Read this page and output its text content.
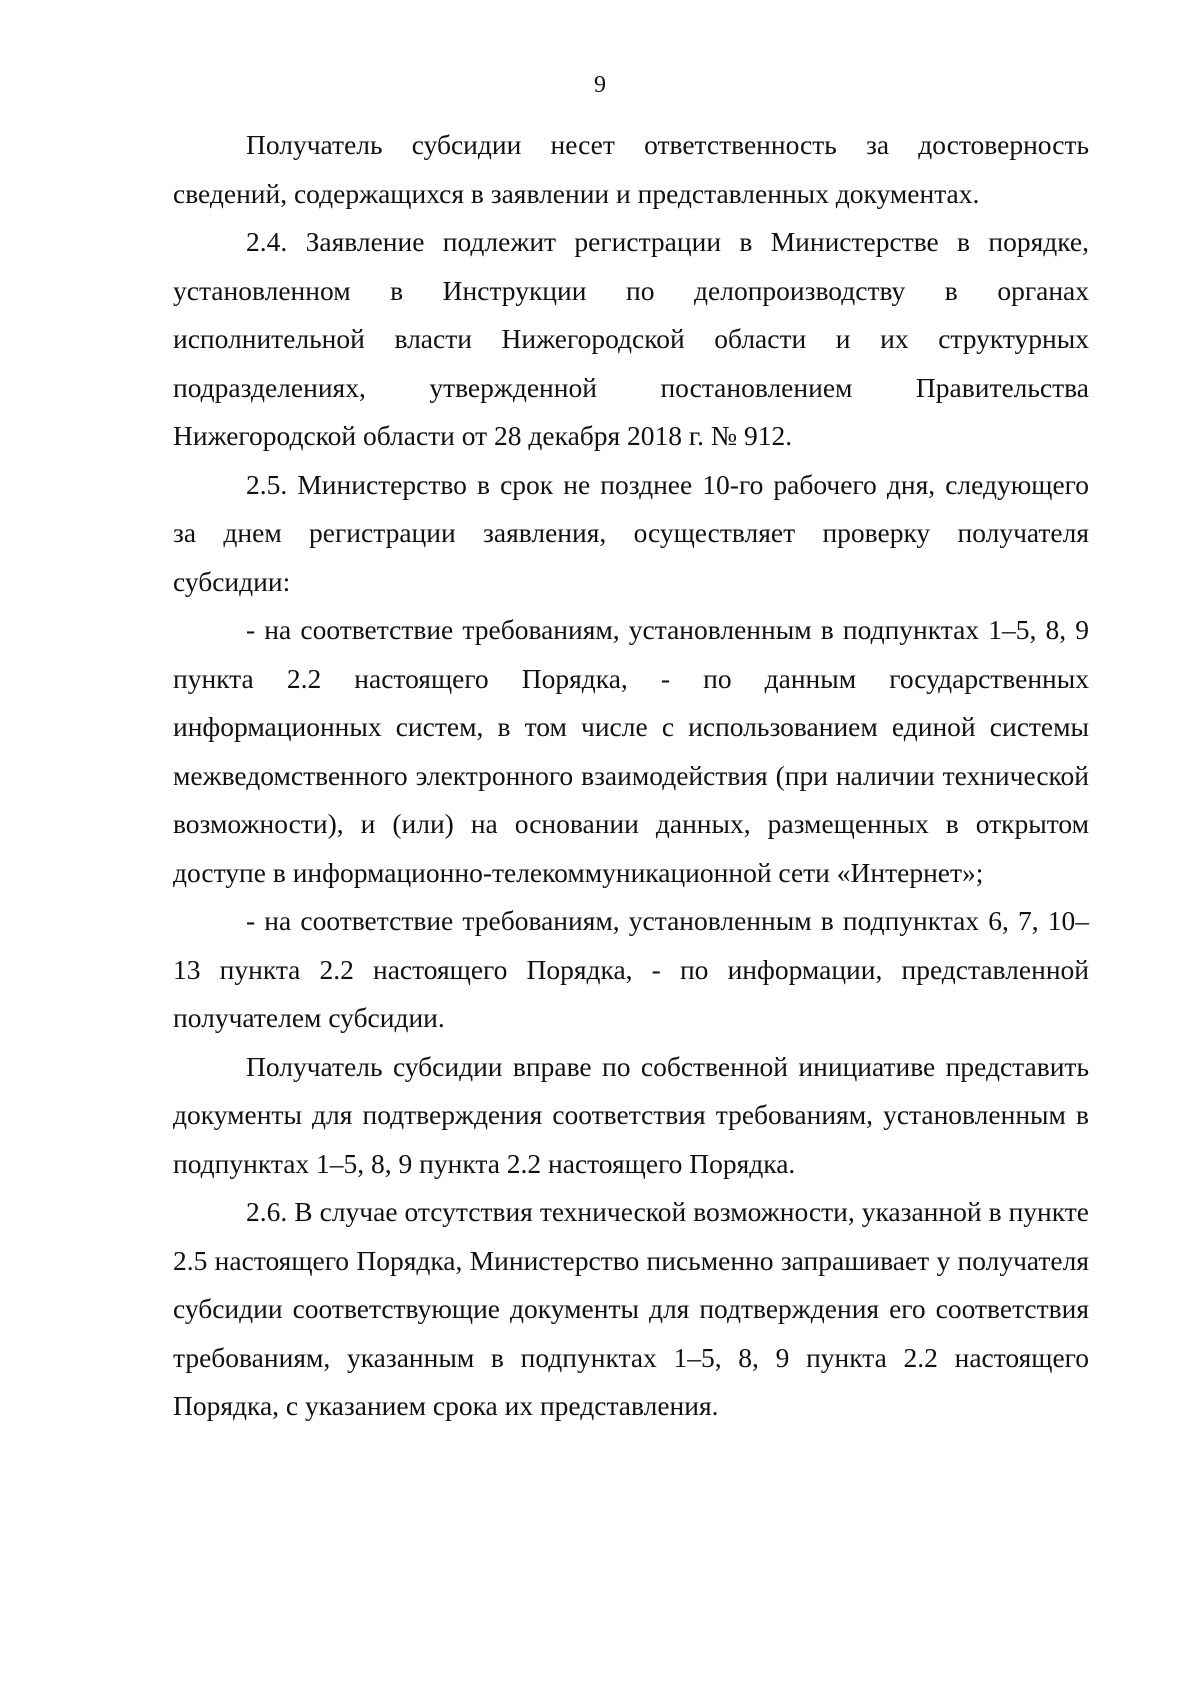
9

Получатель субсидии несет ответственность за достоверность сведений, содержащихся в заявлении и представленных документах.

2.4. Заявление подлежит регистрации в Министерстве в порядке, установленном в Инструкции по делопроизводству в органах исполнительной власти Нижегородской области и их структурных подразделениях, утвержденной постановлением Правительства Нижегородской области от 28 декабря 2018 г. № 912.

2.5. Министерство в срок не позднее 10-го рабочего дня, следующего за днем регистрации заявления, осуществляет проверку получателя субсидии:

- на соответствие требованиям, установленным в подпунктах 1–5, 8, 9 пункта 2.2 настоящего Порядка, - по данным государственных информационных систем, в том числе с использованием единой системы межведомственного электронного взаимодействия (при наличии технической возможности), и (или) на основании данных, размещенных в открытом доступе в информационно-телекоммуникационной сети «Интернет»;

- на соответствие требованиям, установленным в подпунктах 6, 7, 10–13 пункта 2.2 настоящего Порядка, - по информации, представленной получателем субсидии.

Получатель субсидии вправе по собственной инициативе представить документы для подтверждения соответствия требованиям, установленным в подпунктах 1–5, 8, 9 пункта 2.2 настоящего Порядка.

2.6. В случае отсутствия технической возможности, указанной в пункте 2.5 настоящего Порядка, Министерство письменно запрашивает у получателя субсидии соответствующие документы для подтверждения его соответствия требованиям, указанным в подпунктах 1–5, 8, 9 пункта 2.2 настоящего Порядка, с указанием срока их представления.
